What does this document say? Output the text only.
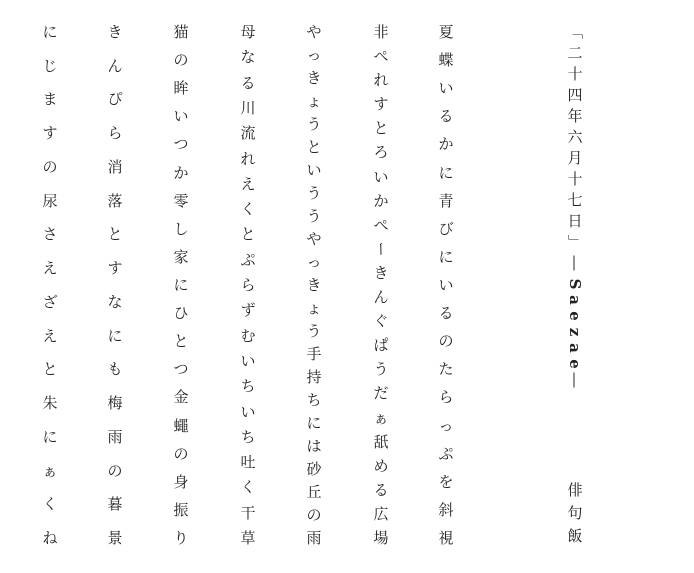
「
二
十
四
年
六
月
十
七
日
」
―
S
a
e
z
a
e
―
俳
句
飯
夏
蝶
い
る
か
に
青
び
に
い
る
の
た
ら
っ
ぷ
を
斜
視
非
ぺ
れ
す
と
ろ
い
か
ぺ
ー
き
ん
ぐ
ぱ
う
だ
ぁ
舐
め
る
広
場
や
っ
き
ょ
う
と
い
う
う
や
っ
き
ょ
う
手
持
ち
に
は
砂
丘
の
雨
母
な
る
川
流
れ
え
く
と
ぷ
ら
ず
む
い
ち
い
ち
吐
く
干
草
猫
の
眸
い
つ
か
零
し
家
に
ひ
と
つ
金
蠅
の
身
振
り
き
ん
ぴ
ら
消
落
と
す
な
に
も
梅
雨
の
暮
景
に
じ
ま
す
の
尿
さ
え
ざ
え
と
朱
に
ぁ
く
ね
